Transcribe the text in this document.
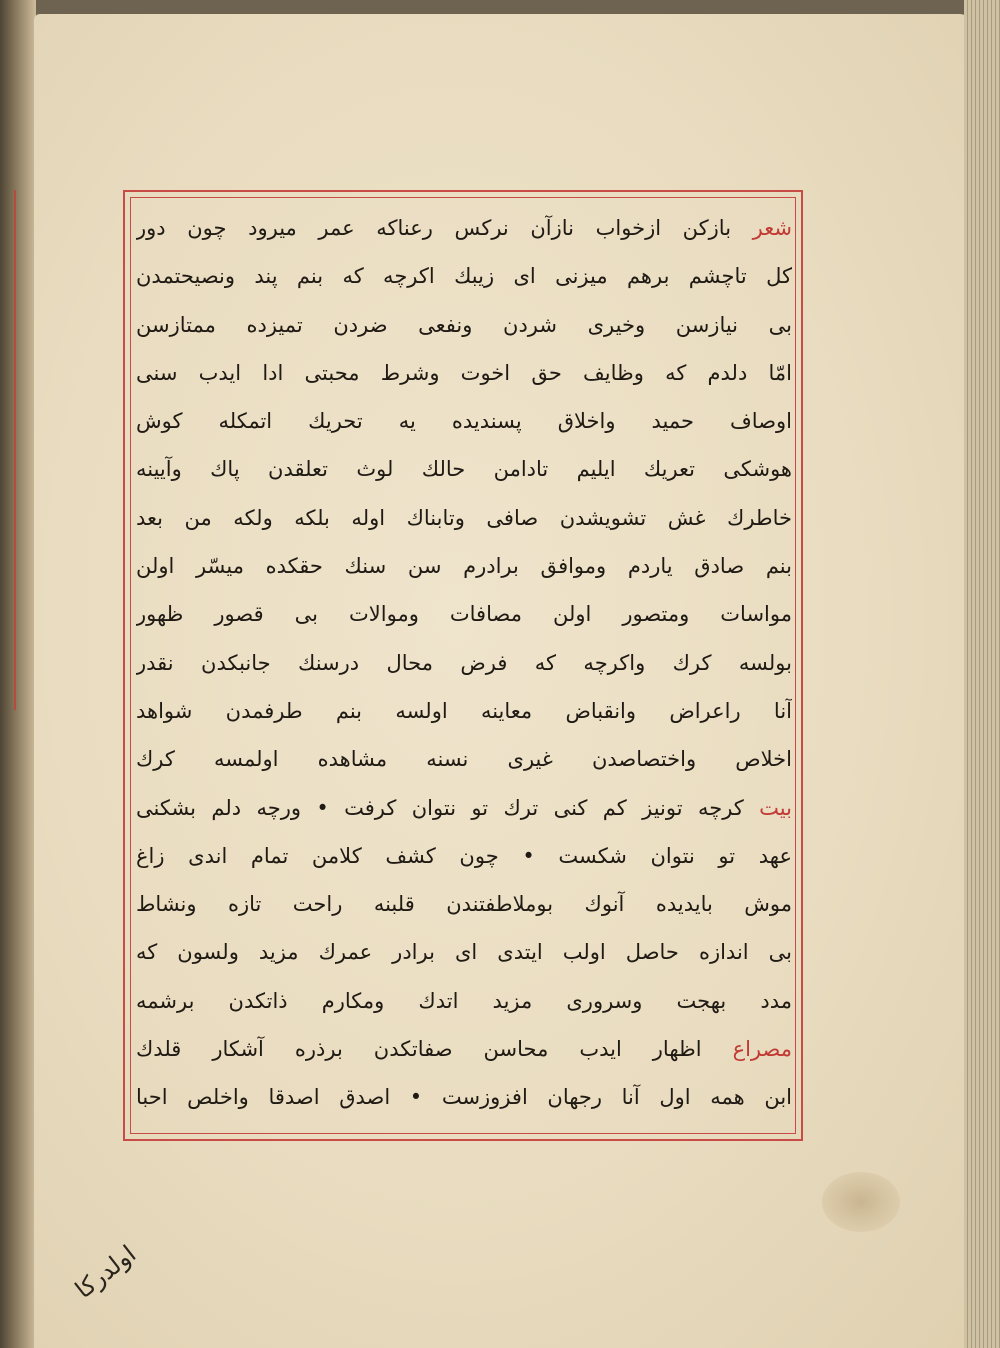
شعر بازکن ازخواب نازآن نرکس رعناکه عمر میرود چون دور
کل تاچشم برهم میزنی ای زیبك اکرچه که بنم پند ونصیحتمدن
بی نیازسن وخیری شردن ونفعی ضردن تمیزده ممتازسن
امّا دلدم که وظایف حق اخوت وشرط محبتی ادا ایدب سنی
اوصاف حمید واخلاق پسندیده یه تحریك اتمکله کوش
هوشکی تعریك ایلیم تادامن حالك لوث تعلقدن پاك وآیینه
خاطرك غش تشویشدن صافی وتابناك اوله بلکه ولکه من بعد
بنم صادق یاردم وموافق برادرم سن سنك حقکده میسّر اولن
مواسات ومتصور اولن مصافات وموالات بی قصور ظهور
بولسه کرك واکرچه که فرض محال درسنك جانبکدن نقدر
آنا راعراض وانقباض معاینه اولسه بنم طرفمدن شواهد
اخلاص واختصاصدن غیری نسنه مشاهده اولمسه کرك
بیت کرچه تونیز کم کنی ترك تو نتوان کرفت • ورچه دلم بشکنی
عهد تو نتوان شکست • چون کشف کلامن تمام اندی زاغ
موش بایدیده آنوك بوملاطفتندن قلبنه راحت تازه ونشاط
بی اندازه حاصل اولب ایتدی ای برادر عمرك مزید ولسون که
مدد بهجت وسروری مزید اتدك ومکارم ذاتکدن برشمه
مصراع اظهار ایدب محاسن صفاتکدن برذره آشکار قلدك
ابن همه اول آنا رجهان افزوزست • اصدق اصدقا واخلص احبا
اولدرکا
